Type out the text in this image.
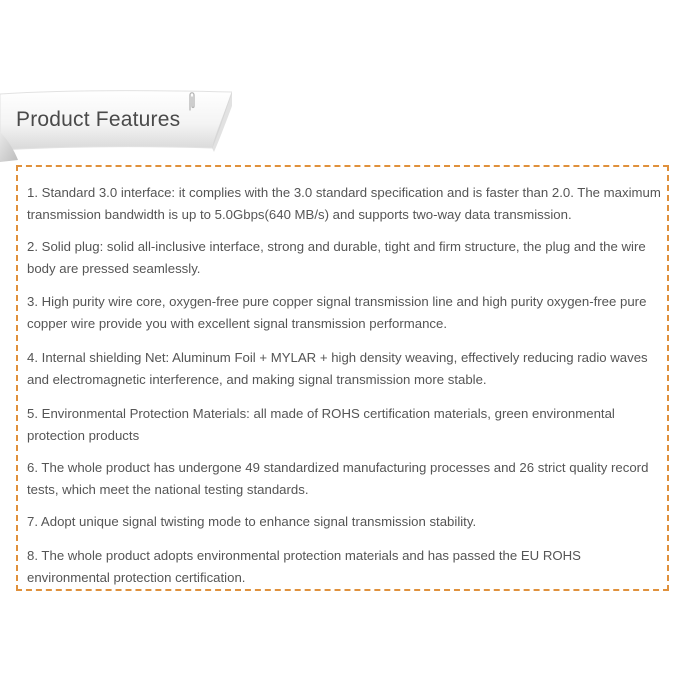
Product Features
1. Standard 3.0 interface: it complies with the 3.0 standard specification and is faster than 2.0. The maximum transmission bandwidth is up to 5.0Gbps(640 MB/s) and supports two-way data transmission.
2. Solid plug: solid all-inclusive interface, strong and durable, tight and firm structure, the plug and the wire body are pressed seamlessly.
3. High purity wire core, oxygen-free pure copper signal transmission line and high purity oxygen-free pure copper wire provide you with excellent signal transmission performance.
4. Internal shielding Net: Aluminum Foil + MYLAR + high density weaving, effectively reducing radio waves and electromagnetic interference, and making signal transmission more stable.
5. Environmental Protection Materials: all made of ROHS certification materials, green environmental protection products
6. The whole product has undergone 49 standardized manufacturing processes and 26 strict quality record tests, which meet the national testing standards.
7. Adopt unique signal twisting mode to enhance signal transmission stability.
8. The whole product adopts environmental protection materials and has passed the EU ROHS environmental protection certification.
